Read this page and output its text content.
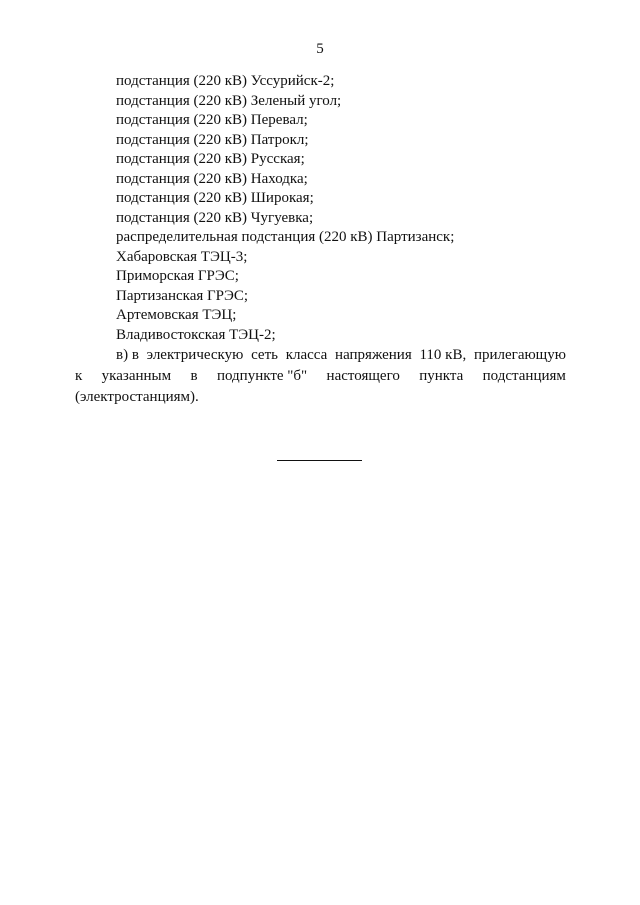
5
подстанция (220 кВ) Уссурийск-2;
подстанция (220 кВ) Зеленый угол;
подстанция (220 кВ) Перевал;
подстанция (220 кВ) Патрокл;
подстанция (220 кВ) Русская;
подстанция (220 кВ) Находка;
подстанция (220 кВ) Широкая;
подстанция (220 кВ) Чугуевка;
распределительная подстанция (220 кВ) Партизанск;
Хабаровская ТЭЦ-3;
Приморская ГРЭС;
Партизанская ГРЭС;
Артемовская ТЭЦ;
Владивостокская ТЭЦ-2;
в) в электрическую сеть класса напряжения 110 кВ, прилегающую
к указанным в подпункте "б" настоящего пункта подстанциям
(электростанциям).
